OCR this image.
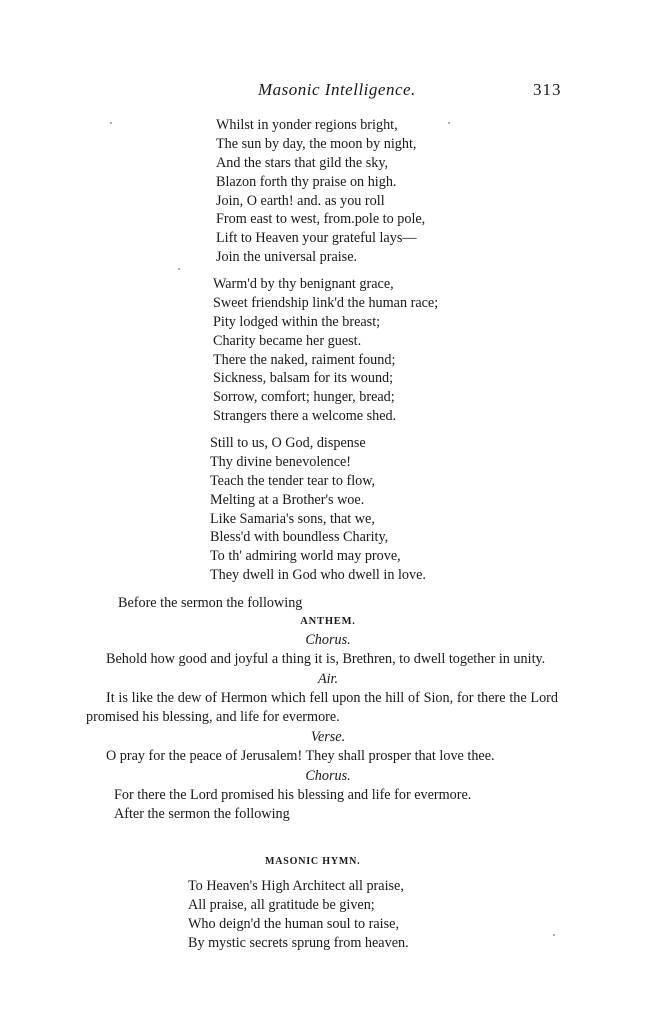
Masonic Intelligence.	313
Whilst in yonder regions bright,
The sun by day, the moon by night,
And the stars that gild the sky,
Blazon forth thy praise on high.
Join, O earth! and. as you roll
From east to west, from.pole to pole,
Lift to Heaven your grateful lays—
Join the universal praise.
Warm'd by thy benignant grace,
Sweet friendship link'd the human race;
Pity lodged within the breast;
Charity became her guest.
There the naked, raiment found;
Sickness, balsam for its wound;
Sorrow, comfort; hunger, bread;
Strangers there a welcome shed.
Still to us, O God, dispense
Thy divine benevolence!
Teach the tender tear to flow,
Melting at a Brother's woe.
Like Samaria's sons, that we,
Bless'd with boundless Charity,
To th' admiring world may prove,
They dwell in God who dwell in love.

Before the sermon the following

ANTHEM.

Chorus.

Behold how good and joyful a thing it is, Brethren, to dwell together in unity.

Air.

It is like the dew of Hermon which fell upon the hill of Sion, for there the Lord promised his blessing, and life for evermore.

Verse.

O pray for the peace of Jerusalem! They shall prosper that love thee.

Chorus.

For there the Lord promised his blessing and life for evermore.

After the sermon the following

MASONIC HYMN.
To Heaven's High Architect all praise,
All praise, all gratitude be given;
Who deign'd the human soul to raise,
By mystic secrets sprung from heaven.
